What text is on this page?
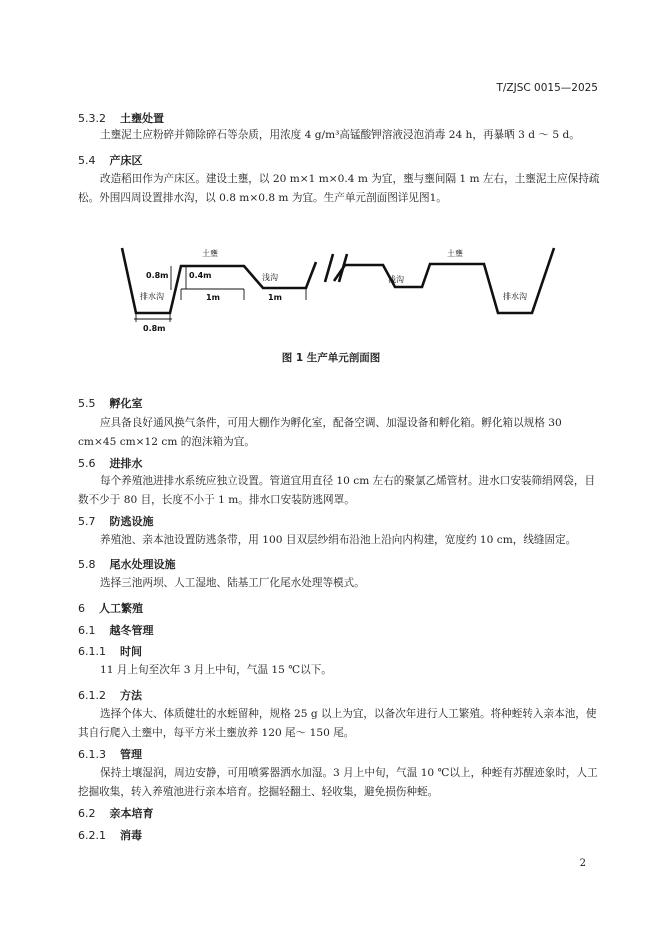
T/ZJSC 0015—2025
5.3.2 土壅处置
土壅泥土应粉碎并筛除碎石等杂质，用浓度 4 g/m³高锰酸钾溶液浸泡消毒 24 h，再暴晒 3 d ～ 5 d。
5.4 产床区
改造稻田作为产床区。建设土壅，以 20 m×1 m×0.4 m 为宜，壅与壅间隔 1 m 左右，土壅泥土应保持疏松。外围四周设置排水沟，以 0.8 m×0.8 m 为宜。生产单元剖面图详见图1。
土壅	土壅
0.8m	0.4m
排水沟	排水沟
0.8m
1m	1m
浅沟	浅沟
图 1 生产单元剖面图
5.5 孵化室
应具备良好通风换气条件，可用大棚作为孵化室，配备空调、加湿设备和孵化箱。孵化箱以规格 30 cm×45 cm×12 cm 的泡沫箱为宜。
5.6 进排水
每个养殖池进排水系统应独立设置。管道宜用直径 10 cm 左右的聚氯乙烯管材。进水口安装筛绢网袋，目数不少于 80 目，长度不小于 1 m。排水口安装防逃网罩。
5.7 防逃设施
养殖池、亲本池设置防逃条带，用 100 目双层纱绢布沿池上沿向内构建，宽度约 10 cm，线缝固定。
5.8 尾水处理设施
选择三池两坝、人工湿地、陆基工厂化尾水处理等模式。
6 人工繁殖
6.1 越冬管理
6.1.1 时间
11 月上旬至次年 3 月上中旬，气温 15 ℃以下。
6.1.2 方法
选择个体大、体质健壮的水蛭留种，规格 25 g 以上为宜，以备次年进行人工繁殖。将种蛭转入亲本池，使其自行爬入土壅中，每平方米土壅放养 120 尾～ 150 尾。
6.1.3 管理
保持土壤湿润，周边安静，可用喷雾器洒水加湿。3 月上中旬，气温 10 ℃以上，种蛭有苏醒迹象时，人工挖掘收集，转入养殖池进行亲本培育。挖掘轻翻土、轻收集，避免损伤种蛭。
6.2 亲本培育
6.2.1 消毒
2
